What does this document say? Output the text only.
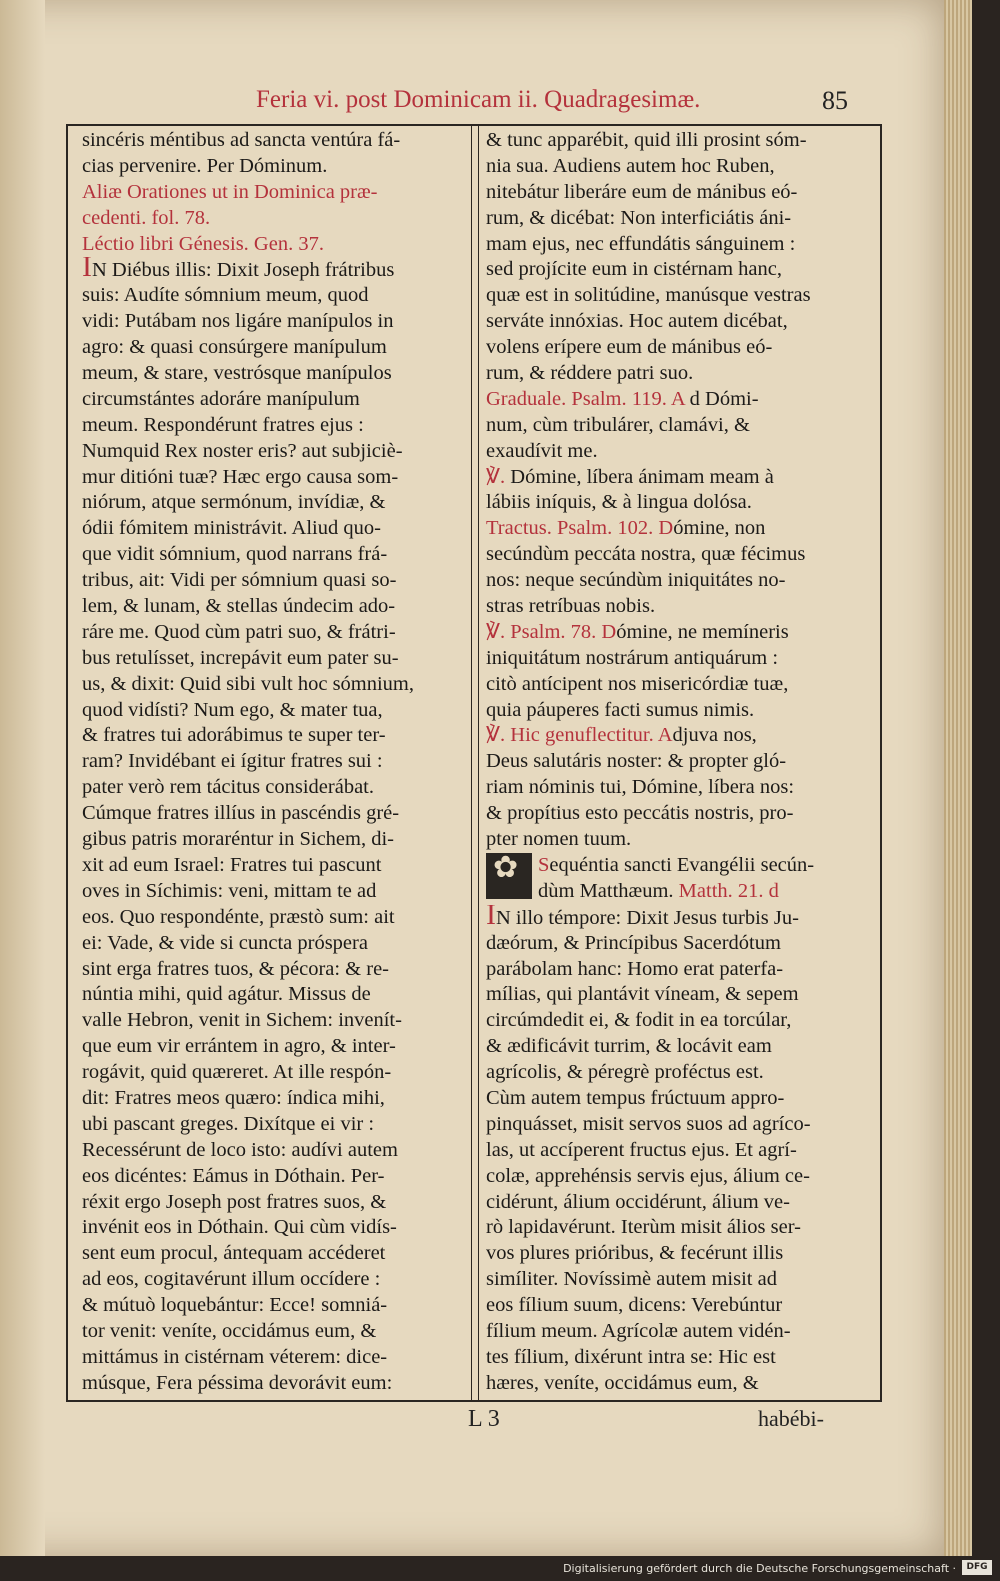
Feria vi. post Dominicam ii. Quadragesimæ.	85
sincéris méntibus ad sancta ventúra fá-
cias pervenire. Per Dóminum.
Aliæ Orationes ut in Dominica præ-
cedenti. fol. 78.
Léctio libri Génesis. Gen. 37.
IN Diébus illis: Dixit Joseph frátribus
suis: Audíte sómnium meum, quod
vidi: Putábam nos ligáre manípulos in
agro: & quasi consúrgere manípulum
meum, & stare, vestrósque manípulos
circumstántes adoráre manípulum
meum. Respondérunt fratres ejus :
Numquid Rex noster eris? aut subjiciè-
mur ditióni tuæ? Hæc ergo causa som-
niórum, atque sermónum, invídiæ, &
ódii fómitem ministrávit. Aliud quo-
que vidit sómnium, quod narrans frá-
tribus, ait: Vidi per sómnium quasi so-
lem, & lunam, & stellas úndecim ado-
ráre me. Quod cùm patri suo, & frátri-
bus retulísset, increpávit eum pater su-
us, & dixit: Quid sibi vult hoc sómnium,
quod vidísti? Num ego, & mater tua,
& fratres tui adorábimus te super ter-
ram? Invidébant ei ígitur fratres sui :
pater verò rem tácitus considerábat.
Cúmque fratres illíus in pascéndis gré-
gibus patris moraréntur in Sichem, di-
xit ad eum Israel: Fratres tui pascunt
oves in Síchimis: veni, mittam te ad
eos. Quo respondénte, præstò sum: ait
ei: Vade, & vide si cuncta próspera
sint erga fratres tuos, & pécora: & re-
núntia mihi, quid agátur. Missus de
valle Hebron, venit in Sichem: invenít-
que eum vir errántem in agro, & inter-
rogávit, quid quæreret. At ille respón-
dit: Fratres meos quæro: índica mihi,
ubi pascant greges. Dixítque ei vir :
Recessérunt de loco isto: audívi autem
eos dicéntes: Eámus in Dóthain. Per-
réxit ergo Joseph post fratres suos, &
invénit eos in Dóthain. Qui cùm vidís-
sent eum procul, ántequam accéderet
ad eos, cogitavérunt illum occídere :
& mútuò loquebántur: Ecce! somniá-
tor venit: veníte, occidámus eum, &
mittámus in cistérnam véterem: dice-
músque, Fera péssima devorávit eum:
& tunc apparébit, quid illi prosint sóm-
nia sua. Audiens autem hoc Ruben,
nitebátur liberáre eum de mánibus eó-
rum, & dicébat: Non interficiátis áni-
mam ejus, nec effundátis sánguinem :
sed projícite eum in cistérnam hanc,
quæ est in solitúdine, manúsque vestras
serváte innóxias. Hoc autem dicébat,
volens erípere eum de mánibus eó-
rum, & réddere patri suo.
Graduale. Psalm. 119. A d Dómi-
num, cùm tribulárer, clamávi, &
exaudívit me.
℣. Dómine, líbera ánimam meam à
lábiis iníquis, & à lingua dolósa.
Tractus. Psalm. 102. Dómine, non
secúndùm peccáta nostra, quæ fécimus
nos: neque secúndùm iniquitátes no-
stras retríbuas nobis.
℣. Psalm. 78. Dómine, ne memíneris
iniquitátum nostrárum antiquárum :
citò antícipent nos misericórdiæ tuæ,
quia páuperes facti sumus nimis.
℣. Hic genuflectitur. Adjuva nos,
Deus salutáris noster: & propter gló-
riam nóminis tui, Dómine, líbera nos:
& propítius esto peccátis nostris, pro-
pter nomen tuum.
✿Sequéntia sancti Evangélii secún-
dùm Matthæum. Matth. 21. d
IN illo témpore: Dixit Jesus turbis Ju-
dæórum, & Princípibus Sacerdótum
parábolam hanc: Homo erat paterfa-
mílias, qui plantávit víneam, & sepem
circúmdedit ei, & fodit in ea torcúlar,
& ædificávit turrim, & locávit eam
agrícolis, & péregrè proféctus est.
Cùm autem tempus frúctuum appro-
pinquásset, misit servos suos ad agríco-
las, ut accíperent fructus ejus. Et agrí-
colæ, apprehénsis servis ejus, álium ce-
cidérunt, álium occidérunt, álium ve-
rò lapidavérunt. Iterùm misit álios ser-
vos plures prióribus, & fecérunt illis
simíliter. Novíssimè autem misit ad
eos fílium suum, dicens: Verebúntur
fílium meum. Agrícolæ autem vidén-
tes fílium, dixérunt intra se: Hic est
hæres, veníte, occidámus eum, &
L 3	habébi-
Digitalisierung gefördert durch die Deutsche Forschungsgemeinschaft ·	DFG
